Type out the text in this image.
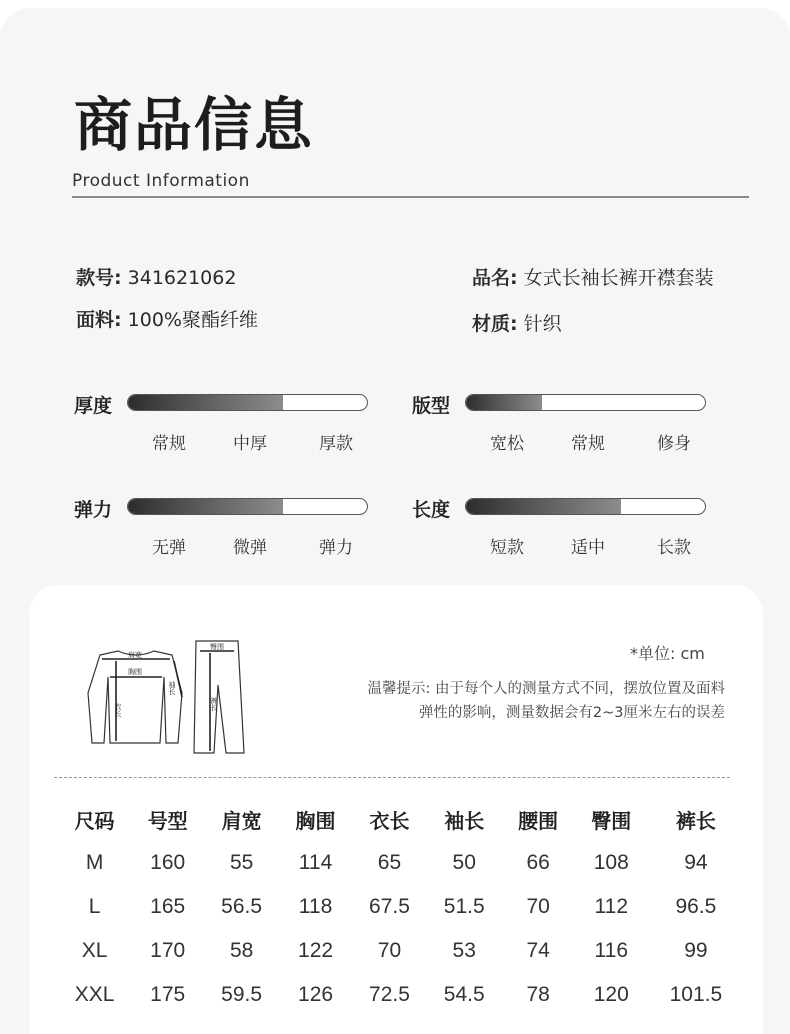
商品信息
Product Information
款号: 341621062	品名: 女式长袖长裤开襟套装
面料: 100%聚酯纤维	材质: 针织
厚度
常规	中厚	厚款
版型
宽松	常规	修身
弹力
无弹	微弹	弹力
长度
短款	适中	长款
肩宽
胸围
衣长
袖长
臀围
裤长
*单位: cm
温馨提示: 由于每个人的测量方式不同，摆放位置及面料
弹性的影响，测量数据会有2~3厘米左右的误差
尺码	号型	肩宽	胸围	衣长	袖长	腰围	臀围	裤长
M	160	55	114	65	50	66	108	94
L	165	56.5	118	67.5	51.5	70	112	96.5
XL	170	58	122	70	53	74	116	99
XXL	175	59.5	126	72.5	54.5	78	120	101.5
